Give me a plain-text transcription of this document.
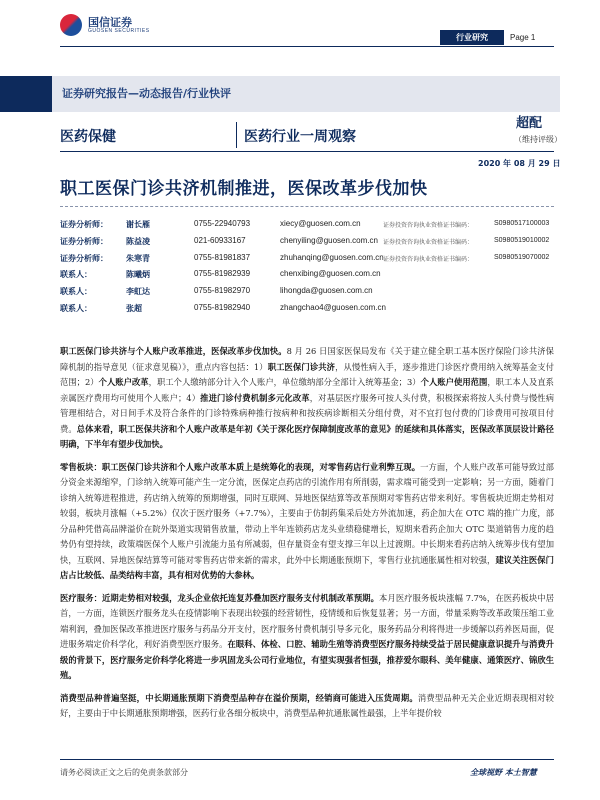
国信证券
GUOSEN SECURITIES
行业研究	Page 1
证券研究报告—动态报告/行业快评
医药保健	医药行业一周观察
超配
（维持评级）
2020 年 08 月 29 日
职工医保门诊共济机制推进，医保改革步伐加快
证券分析师： 谢长雁	0755-22940793	xiecy@guosen.com.cn	证券投资咨询执业资格证书编码：	S0980517100003
证券分析师： 陈益凌	021-60933167	chenyiling@guosen.com.cn 证券投资咨询执业资格证书编码：	S0980519010002
证券分析师： 朱寒青	0755-81981837	zhuhanqing@guosen.com.cn 证券投资咨询执业资格证书编码：	S0980519070002
联系人：	陈曦炳	0755-81982939	chenxibing@guosen.com.cn
联系人：	李虹达	0755-81982970	lihongda@guosen.com.cn
联系人：	张超	0755-81982940	zhangchao4@guosen.com.cn

职工医保门诊共济与个人账户改革推进，医保改革步伐加快。8 月 26 日国家医保局发布《关于建立健全职工基本医疗保险门诊共济保障机制的指导意见（征求意见稿）》，重点内容包括：1）职工医保门诊共济，从慢性病入手，逐步推进门诊医疗费用纳入统筹基金支付范围；2）个人账户改革，职工个人缴纳部分计入个人账户，单位缴纳部分全部计入统筹基金；3）个人账户使用范围，职工本人及直系亲属医疗费用均可使用个人账户；4）推进门诊付费机制多元化改革，对基层医疗服务可按人头付费，积极探索将按人头付费与慢性病管理相结合，对日间手术及符合条件的门诊特殊病种推行按病种和按疾病诊断相关分组付费，对不宜打包付费的门诊费用可按项目付费。总体来看，职工医保共济和个人账户改革是年初《关于深化医疗保障制度改革的意见》的延续和具体落实，医保改革顶层设计路径明确，下半年有望步伐加快。

零售板块：职工医保门诊共济和个人账户改革本质上是统筹化的表现，对零售药店行业利弊互现。一方面，个人账户改革可能导致过部分资金来源缩窄，门诊纳入统筹可能产生一定分流，医保定点药店的引流作用有所削弱，需求端可能受到一定影响；另一方面，随着门诊纳入统筹进程推进，药店纳入统筹的预期增强，同时互联网、异地医保结算等改革预期对零售药店带来利好。零售板块近期走势相对较弱，板块月涨幅（+5.2%）仅次于医疗服务（+7.7%），主要由于仿制药集采后处方外流加速，药企加大在 OTC 端的推广力度，部分品种凭借高品牌溢价在院外渠道实现销售放量，带动上半年连锁药店龙头业绩稳健增长，短期来看药企加大 OTC 渠道销售力度的趋势仍有望持续，政策端医保个人账户引流能力虽有所减弱，但存量资金有望支撑三年以上过渡期。中长期来看药店纳入统筹步伐有望加快，互联网、异地医保结算等可能对零售药店带来新的需求，此外中长期通胀预期下，零售行业抗通胀属性相对较强，建议关注医保门店占比较低、品类结构丰富，具有相对优势的大参林。

医疗服务：近期走势相对较强，龙头企业依托连复苏叠加医疗服务支付机制改革预期。本月医疗服务板块涨幅 7.7%，在医药板块中居首，一方面，连锁医疗服务龙头在疫情影响下表现出较强的经营韧性，疫情缓和后恢复显著；另一方面，带量采购等改革政策压缩工业端利润，叠加医保改革推进医疗服务与药品分开支付，医疗服务付费机制引导多元化，服务药品分利将得进一步缓解以药养医局面，促进服务端定价科学化，利好消费型医疗服务。在眼科、体检、口腔、辅助生殖等消费型医疗服务持续受益于居民健康意识提升与消费升级的背景下，医疗服务定价科学化将进一步巩固龙头公司行业地位，有望实现强者恒强，推荐爱尔眼科、美年健康、通策医疗、锦欣生殖。

消费型品种普遍坚挺，中长期通胀预期下消费型品种存在溢价预期，经销商可能进入压货周期。消费型品种无关企业近期表现相对较好，主要由于中长期通胀预期增强，医药行业各细分板块中，消费型品种抗通胀属性最强，上半年提价较

请务必阅读正文之后的免责条款部分	全球视野 本土智慧
